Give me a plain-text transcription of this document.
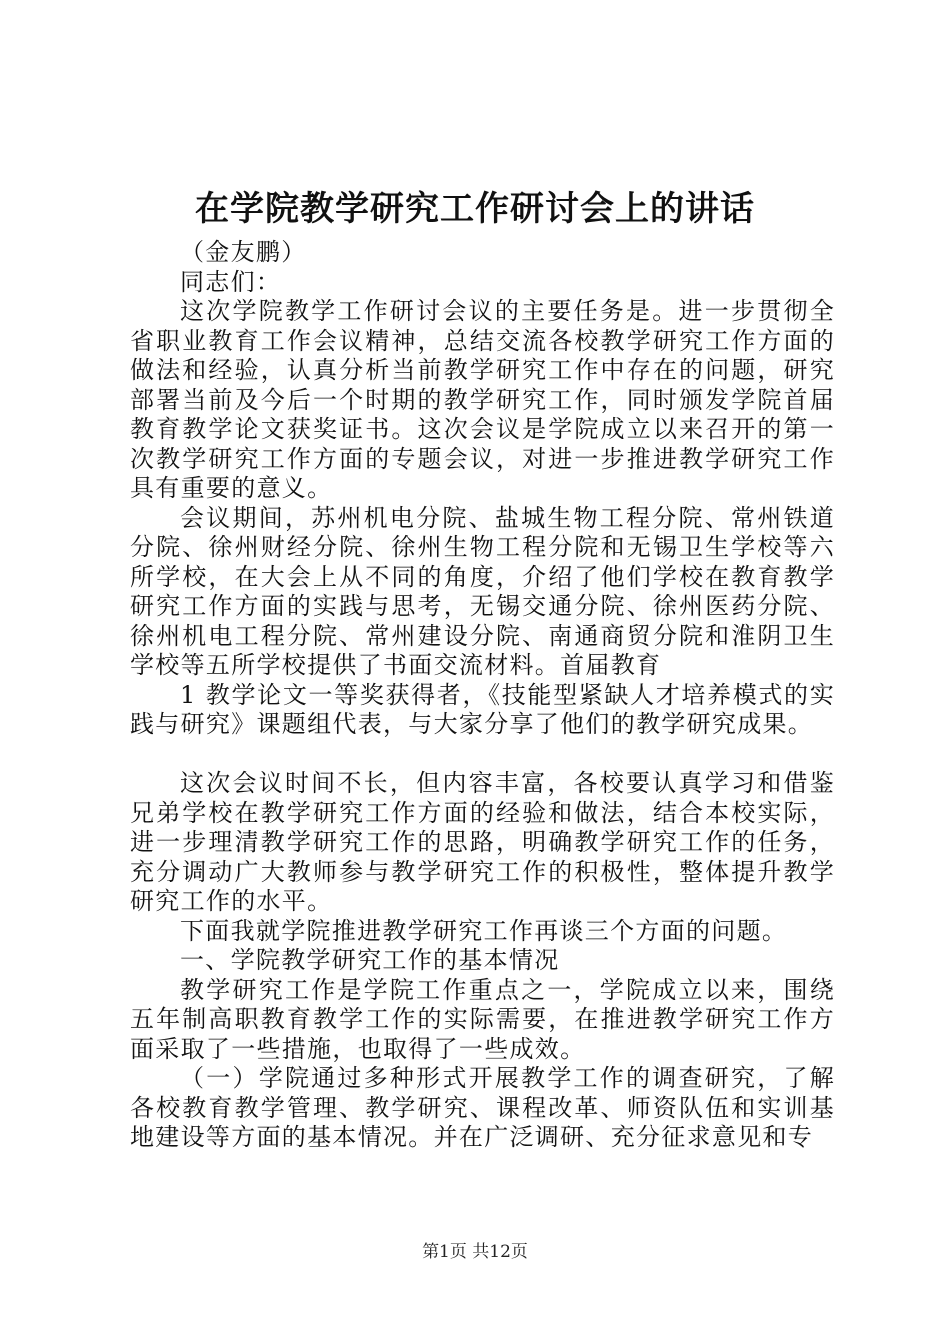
在学院教学研究工作研讨会上的讲话

（金友鹏）

同志们：

这次学院教学工作研讨会议的主要任务是。进一步贯彻全省职业教育工作会议精神，总结交流各校教学研究工作方面的做法和经验，认真分析当前教学研究工作中存在的问题，研究部署当前及今后一个时期的教学研究工作，同时颁发学院首届教育教学论文获奖证书。这次会议是学院成立以来召开的第一次教学研究工作方面的专题会议，对进一步推进教学研究工作具有重要的意义。

会议期间，苏州机电分院、盐城生物工程分院、常州铁道分院、徐州财经分院、徐州生物工程分院和无锡卫生学校等六所学校，在大会上从不同的角度，介绍了他们学校在教育教学研究工作方面的实践与思考，无锡交通分院、徐州医药分院、徐州机电工程分院、常州建设分院、南通商贸分院和淮阴卫生学校等五所学校提供了书面交流材料。首届教育

1 教学论文一等奖获得者，《技能型紧缺人才培养模式的实践与研究》课题组代表，与大家分享了他们的教学研究成果。

这次会议时间不长，但内容丰富，各校要认真学习和借鉴兄弟学校在教学研究工作方面的经验和做法，结合本校实际，进一步理清教学研究工作的思路，明确教学研究工作的任务，充分调动广大教师参与教学研究工作的积极性，整体提升教学研究工作的水平。

下面我就学院推进教学研究工作再谈三个方面的问题。

一、学院教学研究工作的基本情况

教学研究工作是学院工作重点之一，学院成立以来，围绕五年制高职教育教学工作的实际需要，在推进教学研究工作方面采取了一些措施，也取得了一些成效。

（一）学院通过多种形式开展教学工作的调查研究，了解各校教育教学管理、教学研究、课程改革、师资队伍和实训基地建设等方面的基本情况。并在广泛调研、充分征求意见和专

第1页 共12页
